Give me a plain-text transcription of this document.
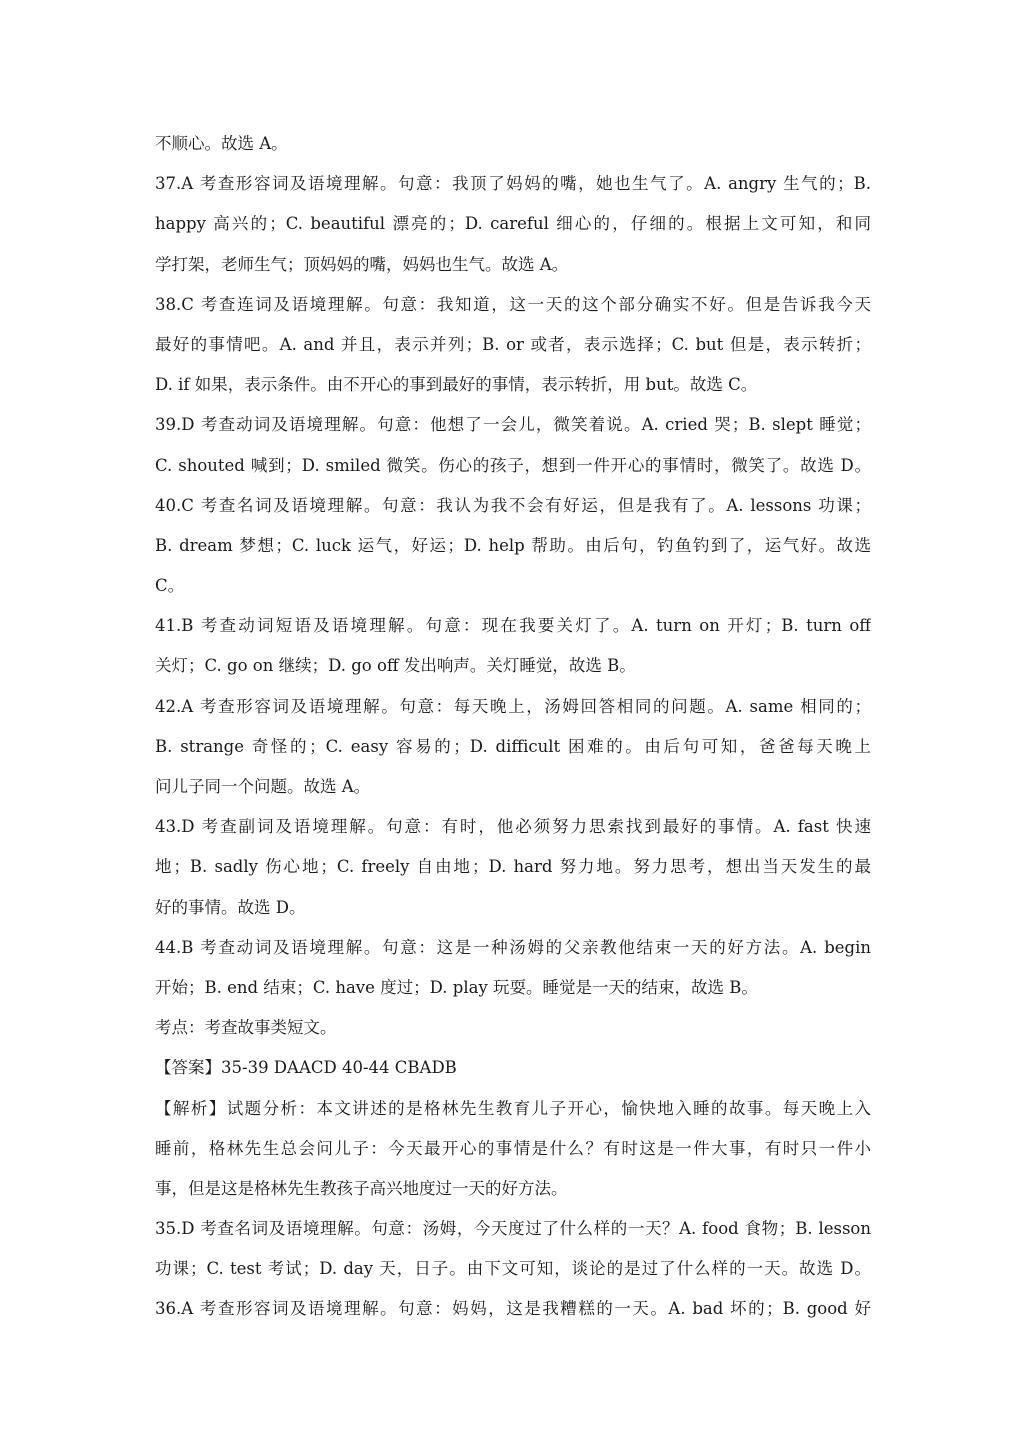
不顺心。故选 A。
37.A 考查形容词及语境理解。句意：我顶了妈妈的嘴，她也生气了。A. angry 生气的；B.
happy 高兴的；C. beautiful 漂亮的；D. careful 细心的，仔细的。根据上文可知，和同
学打架，老师生气；顶妈妈的嘴，妈妈也生气。故选 A。
38.C 考查连词及语境理解。句意：我知道，这一天的这个部分确实不好。但是告诉我今天
最好的事情吧。A. and 并且，表示并列；B. or 或者，表示选择；C. but 但是，表示转折；
D. if 如果，表示条件。由不开心的事到最好的事情，表示转折，用 but。故选 C。
39.D 考查动词及语境理解。句意：他想了一会儿，微笑着说。A. cried 哭；B. slept 睡觉；
C. shouted 喊到；D. smiled 微笑。伤心的孩子，想到一件开心的事情时，微笑了。故选 D。
40.C 考查名词及语境理解。句意：我认为我不会有好运，但是我有了。A. lessons 功课；
B. dream 梦想；C. luck 运气，好运；D. help 帮助。由后句，钓鱼钓到了，运气好。故选
C。
41.B 考查动词短语及语境理解。句意：现在我要关灯了。A. turn on 开灯；B. turn off
关灯；C. go on 继续；D. go off 发出响声。关灯睡觉，故选 B。
42.A 考查形容词及语境理解。句意：每天晚上，汤姆回答相同的问题。A. same 相同的；
B. strange 奇怪的；C. easy 容易的；D. difficult 困难的。由后句可知，爸爸每天晚上
问儿子同一个问题。故选 A。
43.D 考查副词及语境理解。句意：有时，他必须努力思索找到最好的事情。A. fast 快速
地；B. sadly 伤心地；C. freely 自由地；D. hard 努力地。努力思考，想出当天发生的最
好的事情。故选 D。
44.B 考查动词及语境理解。句意：这是一种汤姆的父亲教他结束一天的好方法。A. begin
开始；B. end 结束；C. have 度过；D. play 玩耍。睡觉是一天的结束，故选 B。
考点：考查故事类短文。
【答案】35-39 DAACD 40-44 CBADB
【解析】试题分析：本文讲述的是格林先生教育儿子开心，愉快地入睡的故事。每天晚上入
睡前，格林先生总会问儿子：今天最开心的事情是什么？有时这是一件大事，有时只一件小
事，但是这是格林先生教孩子高兴地度过一天的好方法。
35.D 考查名词及语境理解。句意：汤姆，今天度过了什么样的一天？A. food 食物；B. lesson
功课；C. test 考试；D. day 天，日子。由下文可知，谈论的是过了什么样的一天。故选 D。
36.A 考查形容词及语境理解。句意：妈妈，这是我糟糕的一天。A. bad 坏的；B. good 好
